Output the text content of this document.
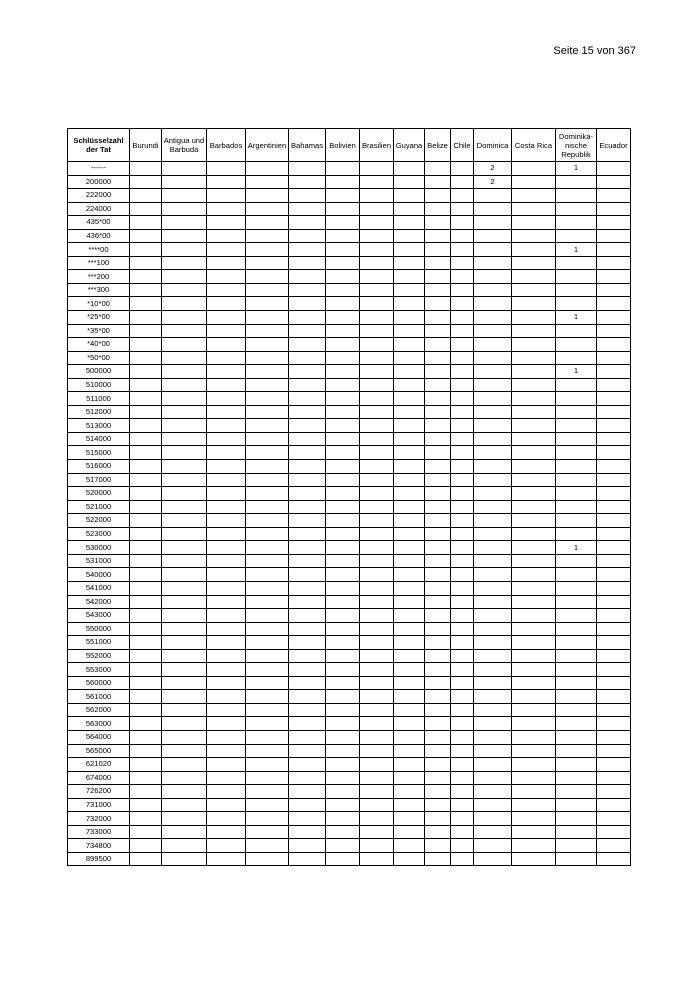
Seite 15 von 367
Schlüsselzahl der Tat	Burundi	Antigua und Barbuda	Barbados	Argentinien	Bahamas	Bolivien	Brasilien	Guyana	Belize	Chile	Dominica	Costa Rica	Dominika-nische Republik	Ecuador
------											2		1	
200000											2			
222000														
224000														
435*00														
436*00														
****00													1	
***100														
***200														
***300														
*10*00														
*25*00													1	
*35*00														
*40*00														
*50*00														
500000													1	
510000														
511000														
512000														
513000														
514000														
515000														
516000														
517000														
520000														
521000														
522000														
523000														
530000													1	
531000														
540000														
541000														
542000														
543000														
550000														
551000														
552000														
553000														
560000														
561000														
562000														
563000														
564000														
565000														
621020														
674000														
726200														
731000														
732000														
733000														
734800														
899500														
